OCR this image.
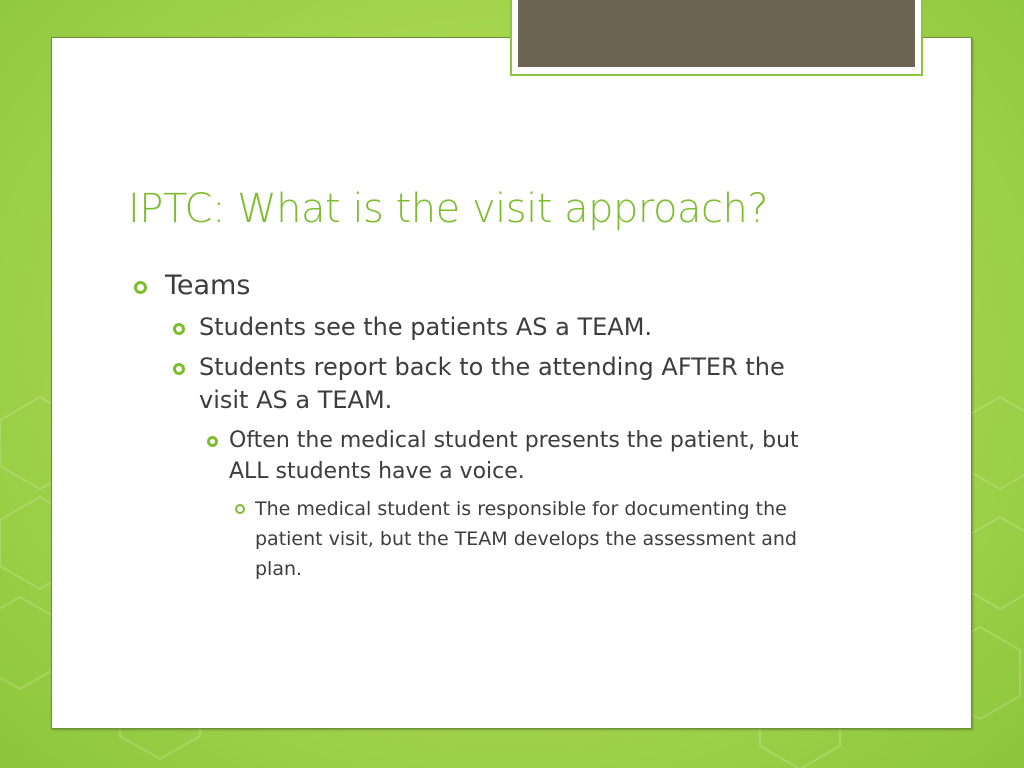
IPTC: What is the visit approach?
Teams
Students see the patients AS a TEAM.
Students report back to the attending AFTER the visit AS a TEAM.
Often the medical student presents the patient, but ALL students have a voice.
The medical student is responsible for documenting the patient visit, but the TEAM develops the assessment and plan.
